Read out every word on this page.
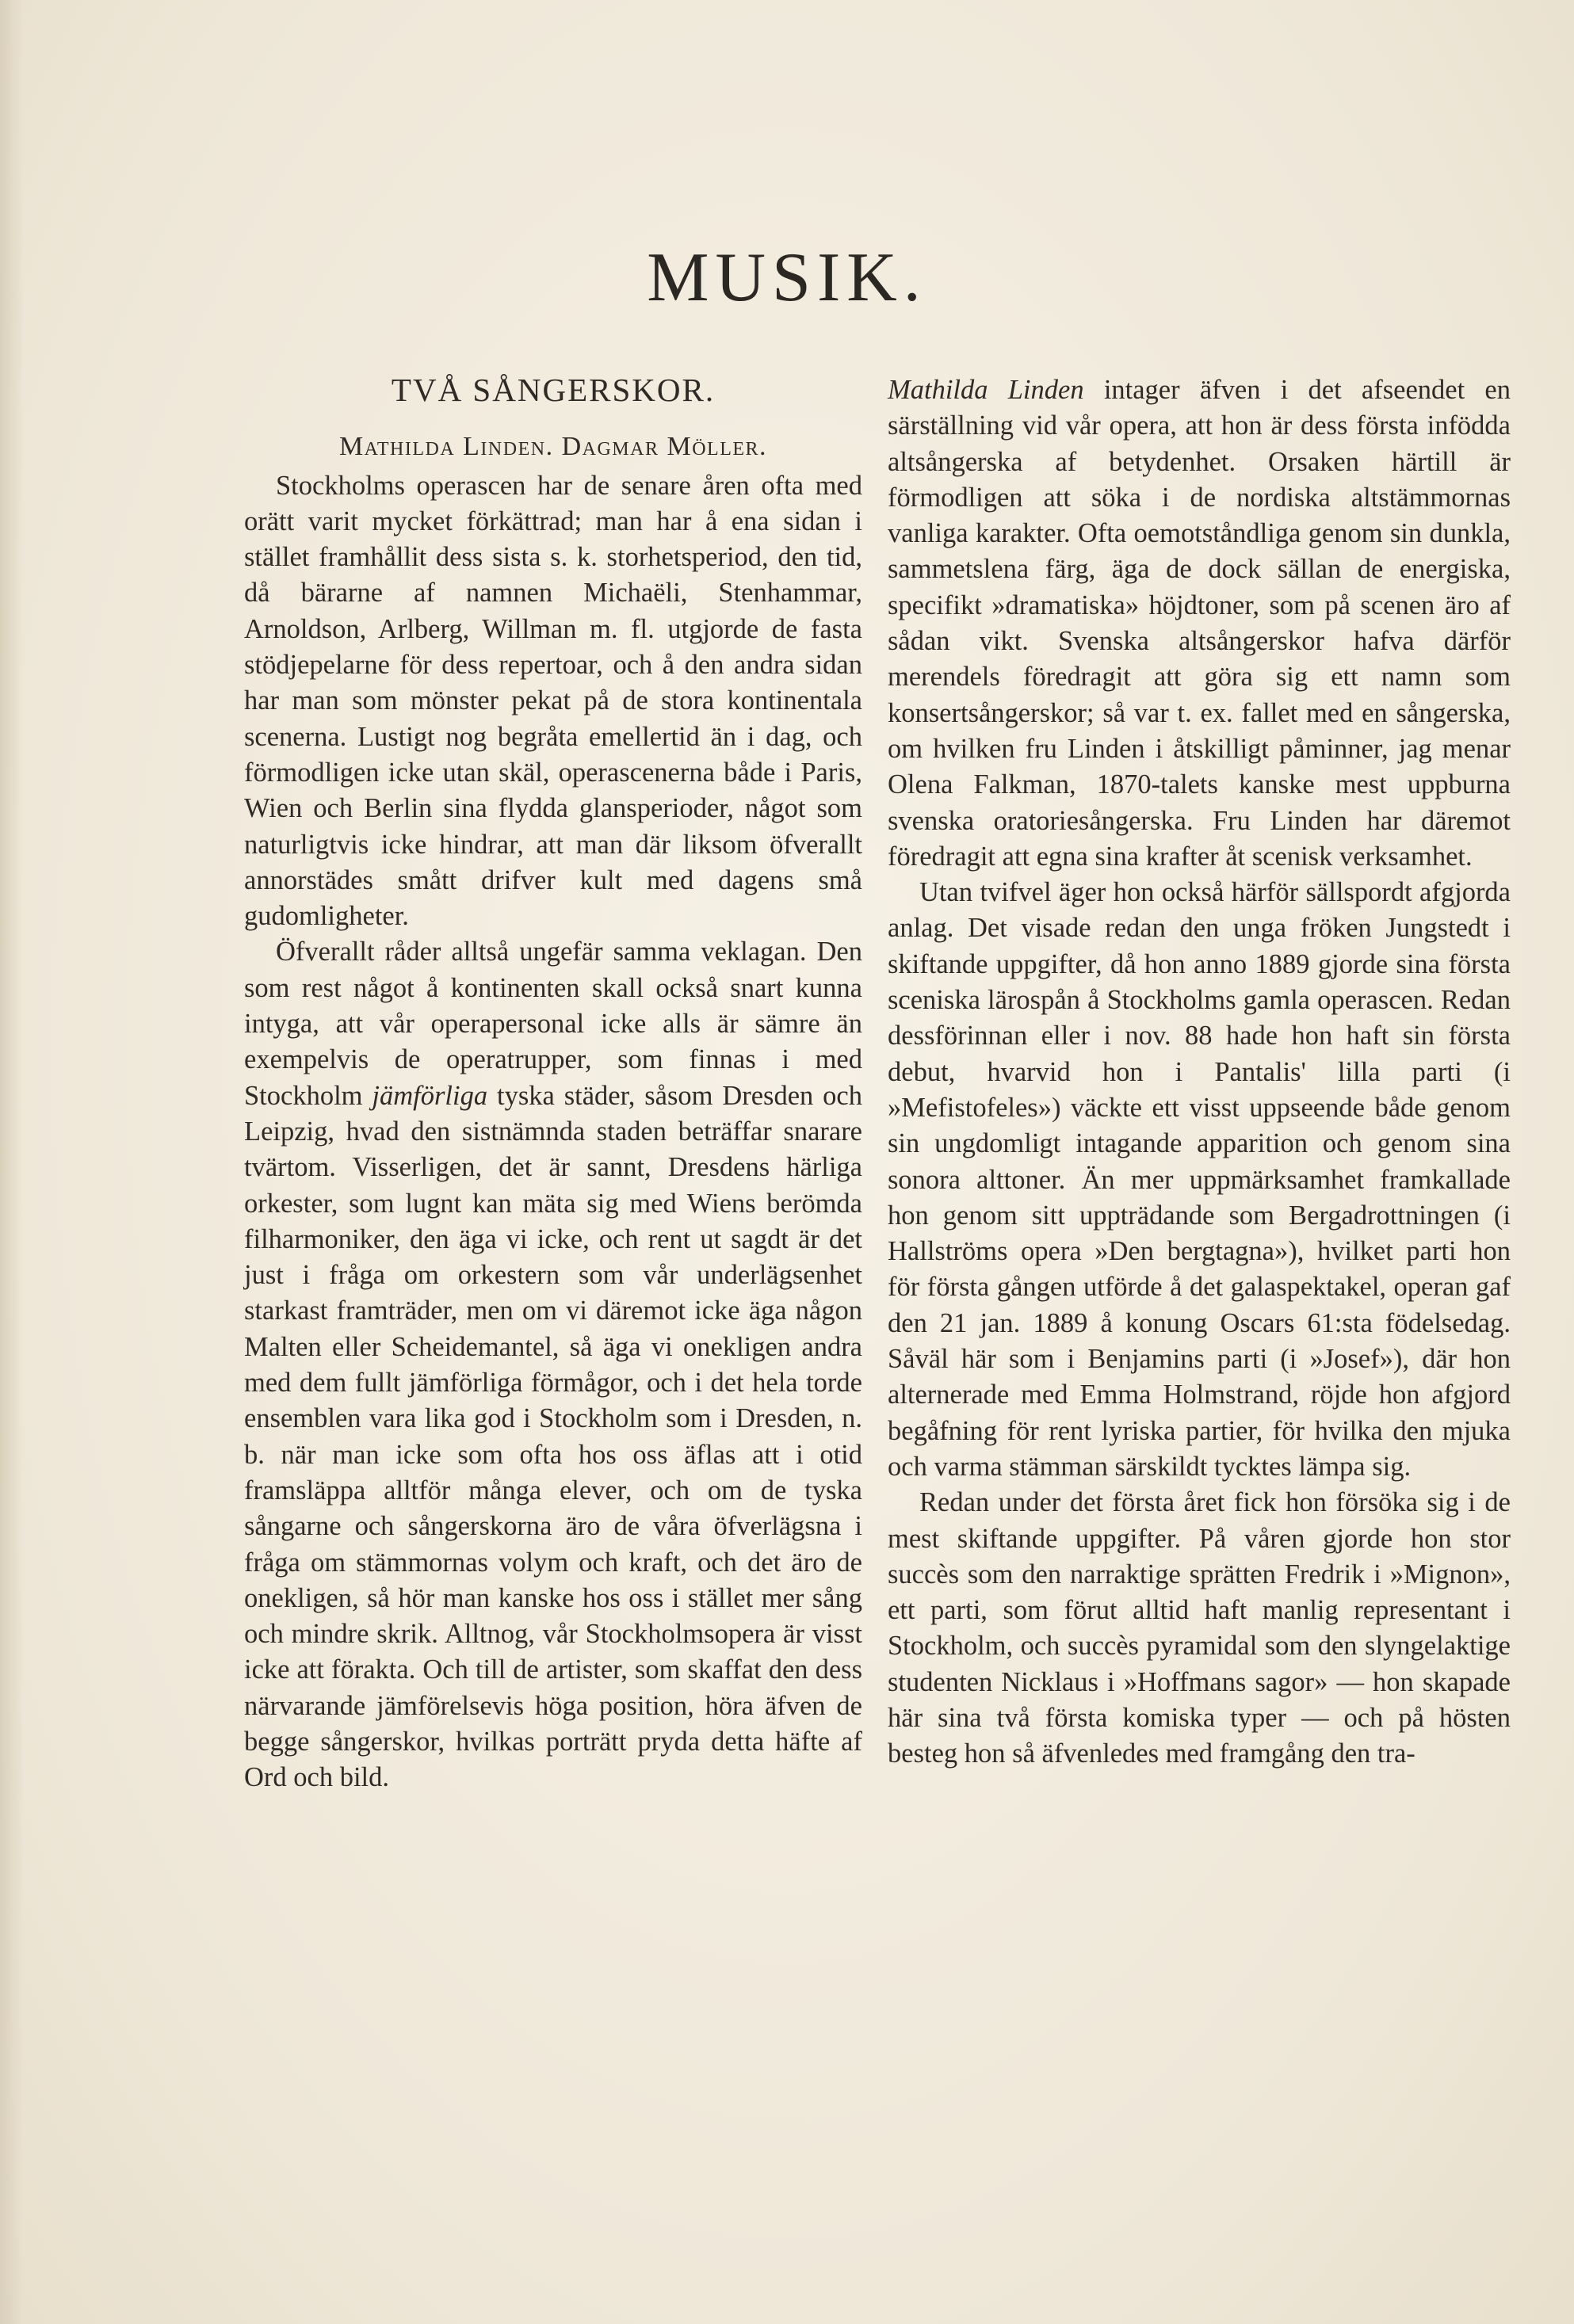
MUSIK.
TVÅ SÅNGERSKOR.
Mathilda Linden. Dagmar Möller.

Stockholms operascen har de senare åren ofta med orätt varit mycket förkättrad; man har å ena sidan i stället framhållit dess sista s. k. storhetsperiod, den tid, då bärarne af namnen Michaëli, Stenhammar, Arnoldson, Arlberg, Willman m. fl. utgjorde de fasta stödjepelarne för dess repertoar, och å den andra sidan har man som mönster pekat på de stora kontinentala scenerna. Lustigt nog begråta emellertid än i dag, och förmodligen icke utan skäl, operascenerna både i Paris, Wien och Berlin sina flydda glansperioder, något som naturligtvis icke hindrar, att man där liksom öfverallt annorstädes smått drifver kult med dagens små gudomligheter.

Öfverallt råder alltså ungefär samma veklagan. Den som rest något å kontinenten skall också snart kunna intyga, att vår operapersonal icke alls är sämre än exempelvis de operatrupper, som finnas i med Stockholm jämförliga tyska städer, såsom Dresden och Leipzig, hvad den sistnämnda staden beträffar snarare tvärtom. Visserligen, det är sannt, Dresdens härliga orkester, som lugnt kan mäta sig med Wiens berömda filharmoniker, den äga vi icke, och rent ut sagdt är det just i fråga om orkestern som vår underlägsenhet starkast framträder, men om vi däremot icke äga någon Malten eller Scheidemantel, så äga vi onekligen andra med dem fullt jämförliga förmågor, och i det hela torde ensemblen vara lika god i Stockholm som i Dresden, n. b. när man icke som ofta hos oss äflas att i otid framsläppa alltför många elever, och om de tyska sångarne och sångerskorna äro de våra öfverlägsna i fråga om stämmornas volym och kraft, och det äro de onekligen, så hör man kanske hos oss i stället mer sång och mindre skrik. Alltnog, vår Stockholmsopera är visst icke att förakta. Och till de artister, som skaffat den dess närvarande jämförelsevis höga position, höra äfven de begge sångerskor, hvilkas porträtt pryda detta häfte af Ord och bild.

Mathilda Linden intager äfven i det afseendet en särställning vid vår opera, att hon är dess första infödda altsångerska af betydenhet. Orsaken härtill är förmodligen att söka i de nordiska altstämmornas vanliga karakter. Ofta oemotståndliga genom sin dunkla, sammetslena färg, äga de dock sällan de energiska, specifikt »dramatiska» höjdtoner, som på scenen äro af sådan vikt. Svenska altsångerskor hafva därför merendels föredragit att göra sig ett namn som konsertsångerskor; så var t. ex. fallet med en sångerska, om hvilken fru Linden i åtskilligt påminner, jag menar Olena Falkman, 1870-talets kanske mest uppburna svenska oratoriesångerska. Fru Linden har däremot föredragit att egna sina krafter åt scenisk verksamhet.

Utan tvifvel äger hon också härför sällspordt afgjorda anlag. Det visade redan den unga fröken Jungstedt i skiftande uppgifter, då hon anno 1889 gjorde sina första sceniska lärospån å Stockholms gamla operascen. Redan dessförinnan eller i nov. 88 hade hon haft sin första debut, hvarvid hon i Pantalis' lilla parti (i »Mefistofeles») väckte ett visst uppseende både genom sin ungdomligt intagande apparition och genom sina sonora alttoner. Än mer uppmärksamhet framkallade hon genom sitt uppträdande som Bergadrottningen (i Hallströms opera »Den bergtagna»), hvilket parti hon för första gången utförde å det galaspektakel, operan gaf den 21 jan. 1889 å konung Oscars 61:sta födelsedag. Såväl här som i Benjamins parti (i »Josef»), där hon alternerade med Emma Holmstrand, röjde hon afgjord begåfning för rent lyriska partier, för hvilka den mjuka och varma stämman särskildt tycktes lämpa sig.

Redan under det första året fick hon försöka sig i de mest skiftande uppgifter. På våren gjorde hon stor succès som den narraktige sprätten Fredrik i »Mignon», ett parti, som förut alltid haft manlig representant i Stockholm, och succès pyramidal som den slyngelaktige studenten Nicklaus i »Hoffmans sagor» — hon skapade här sina två första komiska typer — och på hösten besteg hon så äfvenledes med framgång den tra-
